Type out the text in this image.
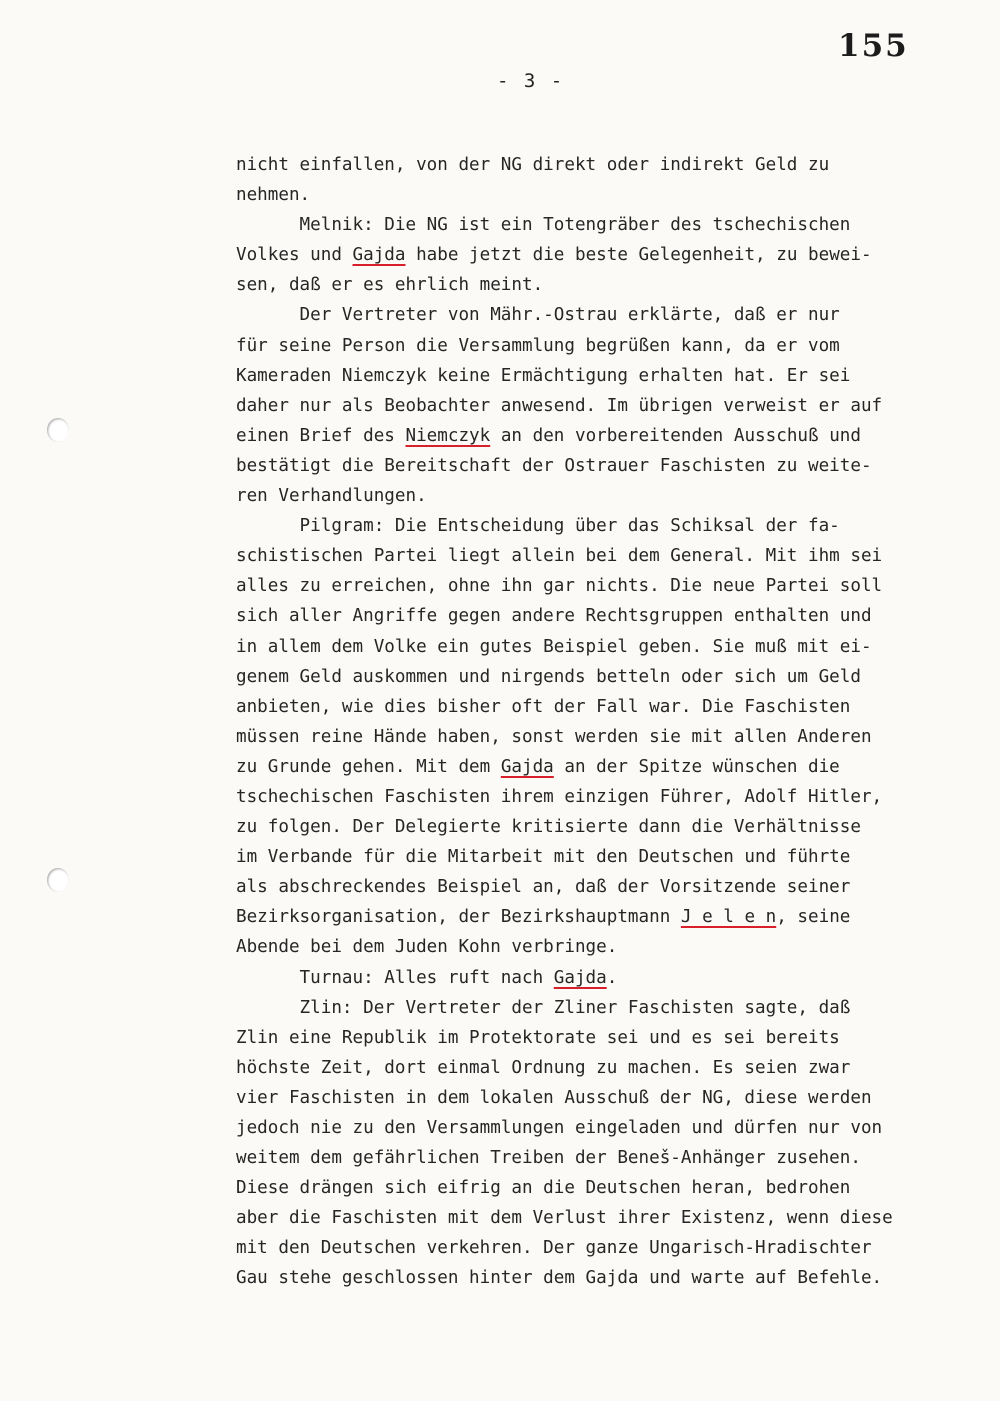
155
- 3 -
nicht einfallen, von der NG direkt oder indirekt Geld zu
nehmen.
Melnik: Die NG ist ein Totengräber des tschechischen
Volkes und Gajda habe jetzt die beste Gelegenheit, zu bewei-
sen, daß er es ehrlich meint.
Der Vertreter von Mähr.-Ostrau erklärte, daß er nur
für seine Person die Versammlung begrüßen kann, da er vom
Kameraden Niemczyk keine Ermächtigung erhalten hat. Er sei
daher nur als Beobachter anwesend. Im übrigen verweist er auf
einen Brief des Niemczyk an den vorbereitenden Ausschuß und
bestätigt die Bereitschaft der Ostrauer Faschisten zu weite-
ren Verhandlungen.
Pilgram: Die Entscheidung über das Schiksal der fa-
schistischen Partei liegt allein bei dem General. Mit ihm sei
alles zu erreichen, ohne ihn gar nichts. Die neue Partei soll
sich aller Angriffe gegen andere Rechtsgruppen enthalten und
in allem dem Volke ein gutes Beispiel geben. Sie muß mit ei-
genem Geld auskommen und nirgends betteln oder sich um Geld
anbieten, wie dies bisher oft der Fall war. Die Faschisten
müssen reine Hände haben, sonst werden sie mit allen Anderen
zu Grunde gehen. Mit dem Gajda an der Spitze wünschen die
tschechischen Faschisten ihrem einzigen Führer, Adolf Hitler,
zu folgen. Der Delegierte kritisierte dann die Verhältnisse
im Verbande für die Mitarbeit mit den Deutschen und führte
als abschreckendes Beispiel an, daß der Vorsitzende seiner
Bezirksorganisation, der Bezirkshauptmann J e l e n, seine
Abende bei dem Juden Kohn verbringe.
Turnau: Alles ruft nach Gajda.
Zlin: Der Vertreter der Zliner Faschisten sagte, daß
Zlin eine Republik im Protektorate sei und es sei bereits
höchste Zeit, dort einmal Ordnung zu machen. Es seien zwar
vier Faschisten in dem lokalen Ausschuß der NG, diese werden
jedoch nie zu den Versammlungen eingeladen und dürfen nur von
weitem dem gefährlichen Treiben der Beneš-Anhänger zusehen.
Diese drängen sich eifrig an die Deutschen heran, bedrohen
aber die Faschisten mit dem Verlust ihrer Existenz, wenn diese
mit den Deutschen verkehren. Der ganze Ungarisch-Hradischter
Gau stehe geschlossen hinter dem Gajda und warte auf Befehle.
